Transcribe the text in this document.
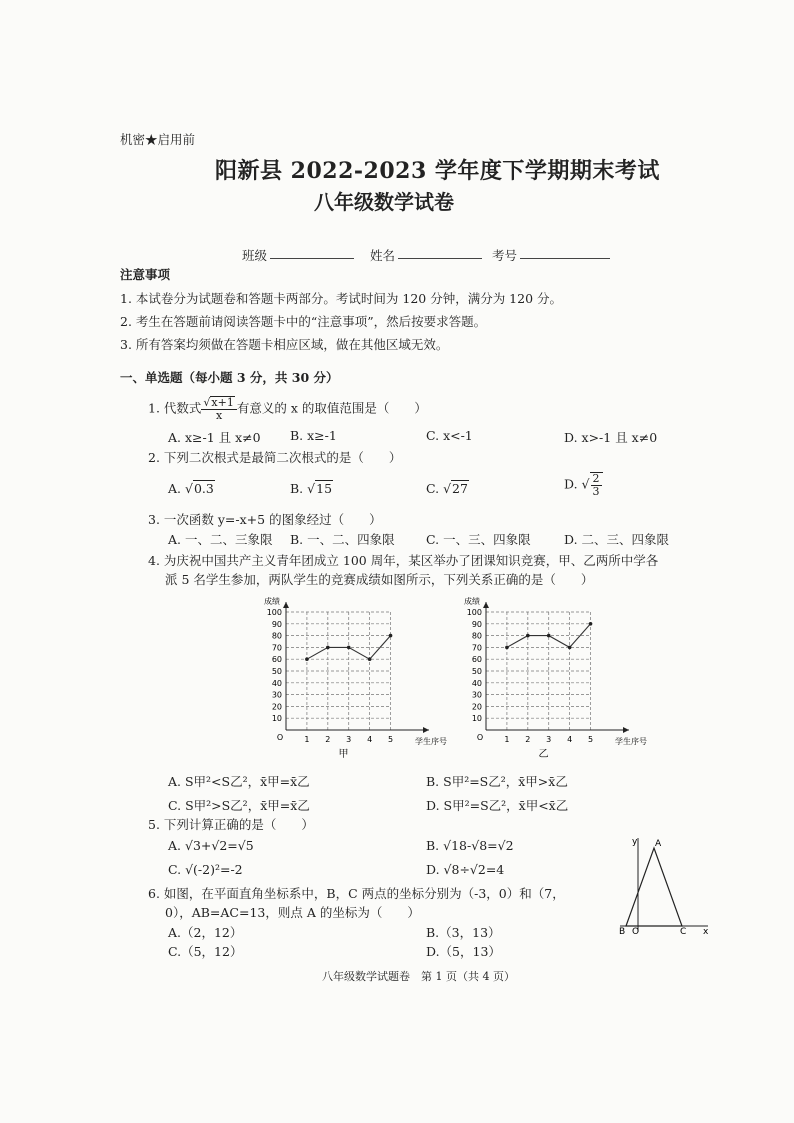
机密★启用前
阳新县 2022-2023 学年度下学期期末考试
八年级数学试卷
班级	姓名	考号
注意事项
1. 本试卷分为试题卷和答题卡两部分。考试时间为 120 分钟，满分为 120 分。
2. 考生在答题前请阅读答题卡中的“注意事项”，然后按要求答题。
3. 所有答案均须做在答题卡相应区域，做在其他区域无效。
一、单选题（每小题 3 分，共 30 分）
1. 代数式 $\frac{√x+1}{x}$ 有意义的 x 的取值范围是（　　）
A. x≥-1 且 x≠0 B. x≥-1	C. x<-1	D. x>-1 且 x≠0
2. 下列二次根式是最简二次根式的是（　　）
A. √0.3	B. √15	C. √27	D. √ $\frac{2}{3}$
3. 一次函数 y=-x+5 的图象经过（　　）
A. 一、二、三象限 B. 一、二、四象限	C. 一、三、四象限	D. 二、三、四象限
4. 为庆祝中国共产主义青年团成立 100 周年，某区举办了团课知识竞赛，甲、乙两所中学各
派 5 名学生参加，两队学生的竞赛成绩如图所示，下列关系正确的是（　　）
10
20
30
40
50
60
70
80
90
100
1 2 3 4 5
O
成绩
学生序号
甲
10
20
30
40
50
60
70
80
90
100
1 2 3 4 5
O
成绩
学生序号
乙
A. S甲²<S乙²，x̄甲=x̄乙	B. S甲²=S乙²，x̄甲>x̄乙
C. S甲²>S乙²，x̄甲=x̄乙	D. S甲²=S乙²，x̄甲<x̄乙
5. 下列计算正确的是（　　）
A. √3+√2=√5	B. √18-√8=√2
C. √(-2)²=-2	D. √8÷√2=4
6. 如图，在平面直角坐标系中，B，C 两点的坐标分别为（-3，0）和（7，
0），AB=AC=13，则点 A 的坐标为（　　）
A.（2，12）	B.（3，13）
C.（5，12）	D.（5，13）
A
B O	C x
y
八年级数学试题卷　第 1 页（共 4 页）
